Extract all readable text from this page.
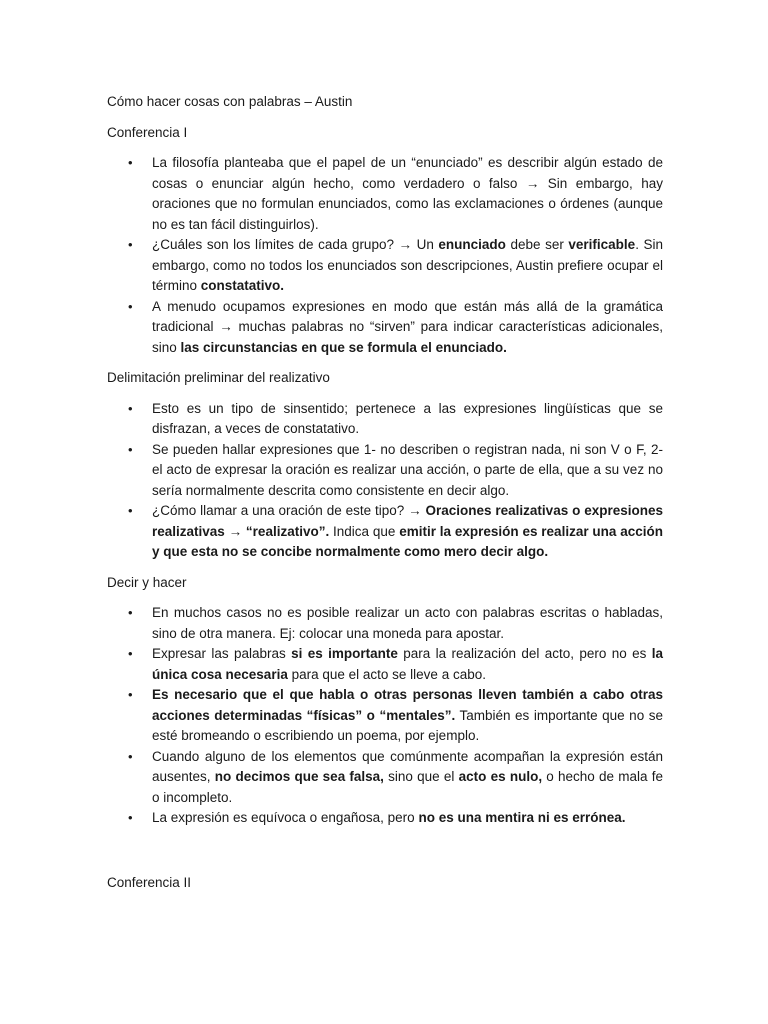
Cómo hacer cosas con palabras – Austin
Conferencia I
• La filosofía planteaba que el papel de un “enunciado” es describir algún estado de cosas o enunciar algún hecho, como verdadero o falso → Sin embargo, hay oraciones que no formulan enunciados, como las exclamaciones o órdenes (aunque no es tan fácil distinguirlos).
• ¿Cuáles son los límites de cada grupo? → Un enunciado debe ser verificable. Sin embargo, como no todos los enunciados son descripciones, Austin prefiere ocupar el término constatativo.
• A menudo ocupamos expresiones en modo que están más allá de la gramática tradicional → muchas palabras no “sirven” para indicar características adicionales, sino las circunstancias en que se formula el enunciado.
Delimitación preliminar del realizativo
• Esto es un tipo de sinsentido; pertenece a las expresiones lingüísticas que se disfrazan, a veces de constatativo.
• Se pueden hallar expresiones que 1- no describen o registran nada, ni son V o F, 2- el acto de expresar la oración es realizar una acción, o parte de ella, que a su vez no sería normalmente descrita como consistente en decir algo.
• ¿Cómo llamar a una oración de este tipo? → Oraciones realizativas o expresiones realizativas → “realizativo”. Indica que emitir la expresión es realizar una acción y que esta no se concibe normalmente como mero decir algo.
Decir y hacer
• En muchos casos no es posible realizar un acto con palabras escritas o habladas, sino de otra manera. Ej: colocar una moneda para apostar.
• Expresar las palabras si es importante para la realización del acto, pero no es la única cosa necesaria para que el acto se lleve a cabo.
• Es necesario que el que habla o otras personas lleven también a cabo otras acciones determinadas “físicas” o “mentales”. También es importante que no se esté bromeando o escribiendo un poema, por ejemplo.
• Cuando alguno de los elementos que comúnmente acompañan la expresión están ausentes, no decimos que sea falsa, sino que el acto es nulo, o hecho de mala fe o incompleto.
• La expresión es equívoca o engañosa, pero no es una mentira ni es errónea.
Conferencia II
